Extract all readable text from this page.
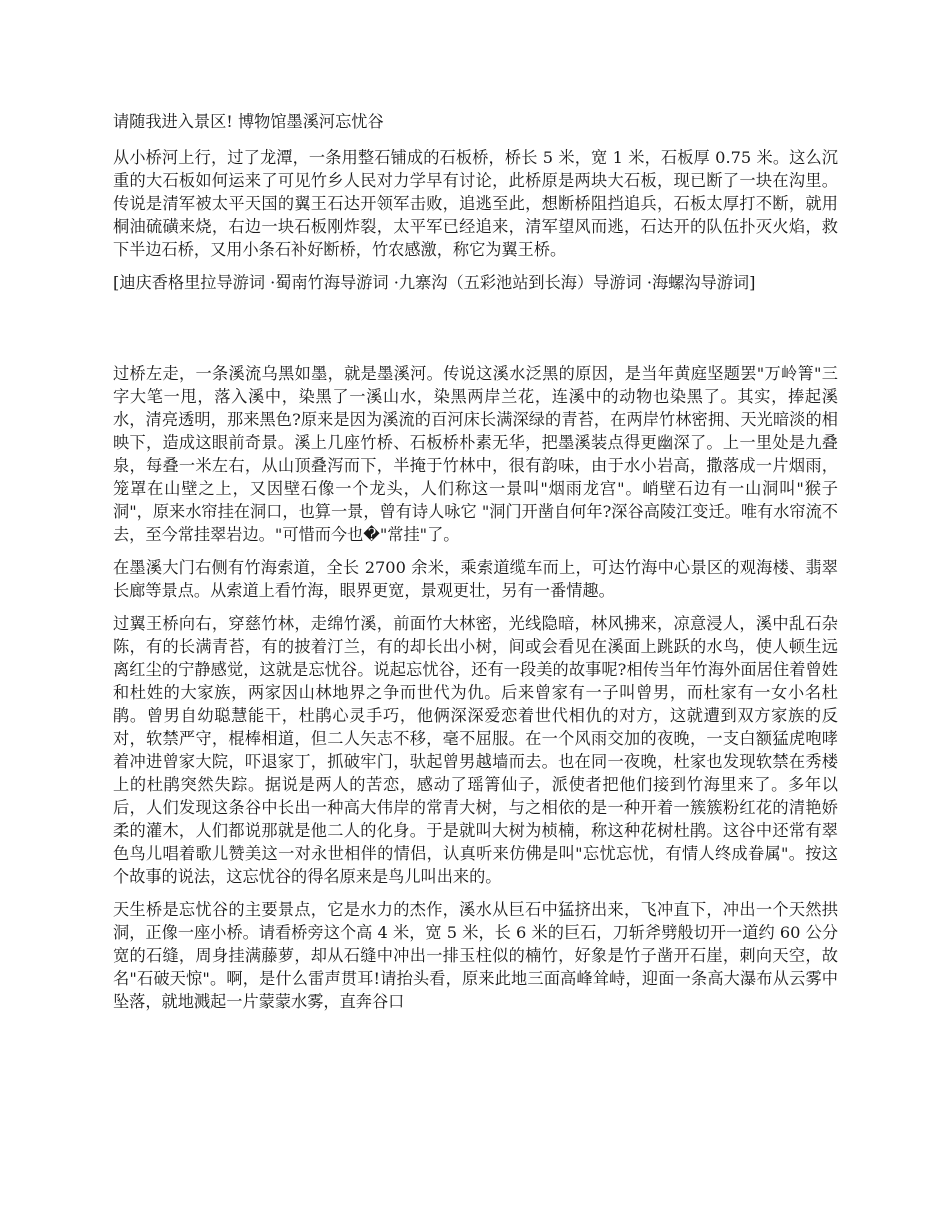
请随我进入景区! 博物馆墨溪河忘忧谷

从小桥河上行，过了龙潭，一条用整石铺成的石板桥，桥长 5 米，宽 1 米，石板厚 0.75 米。这么沉重的大石板如何运来了可见竹乡人民对力学早有讨论，此桥原是两块大石板，现已断了一块在沟里。传说是清军被太平天国的翼王石达开领军击败，追逃至此，想断桥阻挡追兵，石板太厚打不断，就用桐油硫磺来烧，右边一块石板刚炸裂，太平军已经追来，清军望风而逃，石达开的队伍扑灭火焰，救下半边石桥，又用小条石补好断桥，竹农感激，称它为翼王桥。

[迪庆香格里拉导游词 ·蜀南竹海导游词 ·九寨沟（五彩池站到长海）导游词 ·海螺沟导游词]

过桥左走，一条溪流乌黑如墨，就是墨溪河。传说这溪水泛黑的原因，是当年黄庭坚题罢"万岭箐"三字大笔一甩，落入溪中，染黑了一溪山水，染黑两岸兰花，连溪中的动物也染黑了。其实，捧起溪水，清亮透明，那来黑色?原来是因为溪流的百河床长满深绿的青苔，在两岸竹林密拥、天光暗淡的相映下，造成这眼前奇景。溪上几座竹桥、石板桥朴素无华，把墨溪装点得更幽深了。上一里处是九叠泉，每叠一米左右，从山顶叠泻而下，半掩于竹林中，很有韵味，由于水小岩高，撒落成一片烟雨，笼罩在山壁之上，又因壁石像一个龙头，人们称这一景叫"烟雨龙宫"。峭壁石边有一山洞叫"猴子洞"，原来水帘挂在洞口，也算一景，曾有诗人咏它 "洞门开凿自何年?深谷高陵江变迁。唯有水帘流不去，至今常挂翠岩边。"可惜而今也�"常挂"了。

在墨溪大门右侧有竹海索道，全长 2700 余米，乘索道缆车而上，可达竹海中心景区的观海楼、翡翠长廊等景点。从索道上看竹海，眼界更宽，景观更壮，另有一番情趣。

过翼王桥向右，穿慈竹林，走绵竹溪，前面竹大林密，光线隐暗，林风拂来，凉意浸人，溪中乱石杂陈，有的长满青苔，有的披着汀兰，有的却长出小树，间或会看见在溪面上跳跃的水鸟，使人顿生远离红尘的宁静感觉，这就是忘忧谷。说起忘忧谷，还有一段美的故事呢?相传当年竹海外面居住着曾姓和杜姓的大家族，两家因山林地界之争而世代为仇。后来曾家有一子叫曾男，而杜家有一女小名杜鹃。曾男自幼聪慧能干，杜鹃心灵手巧，他俩深深爱恋着世代相仇的对方，这就遭到双方家族的反对，软禁严守，棍棒相道，但二人矢志不移，毫不屈服。在一个风雨交加的夜晚，一支白额猛虎咆哮着冲进曾家大院，吓退家丁，抓破牢门，驮起曾男越墙而去。也在同一夜晚，杜家也发现软禁在秀楼上的杜鹃突然失踪。据说是两人的苦恋，感动了瑶箐仙子，派使者把他们接到竹海里来了。多年以后，人们发现这条谷中长出一种高大伟岸的常青大树，与之相依的是一种开着一簇簇粉红花的清艳娇柔的灌木，人们都说那就是他二人的化身。于是就叫大树为桢楠，称这种花树杜鹃。这谷中还常有翠色鸟儿唱着歌儿赞美这一对永世相伴的情侣，认真听来仿佛是叫"忘忧忘忧，有情人终成眷属"。按这个故事的说法，这忘忧谷的得名原来是鸟儿叫出来的。

天生桥是忘忧谷的主要景点，它是水力的杰作，溪水从巨石中猛挤出来，飞冲直下，冲出一个天然拱洞，正像一座小桥。请看桥旁这个高 4 米，宽 5 米，长 6 米的巨石，刀斩斧劈般切开一道约 60 公分宽的石缝，周身挂满藤萝，却从石缝中冲出一排玉柱似的楠竹，好象是竹子凿开石崖，刺向天空，故名"石破天惊"。啊，是什么雷声贯耳!请抬头看，原来此地三面高峰耸峙，迎面一条高大瀑布从云雾中坠落，就地溅起一片蒙蒙水雾，直奔谷口
